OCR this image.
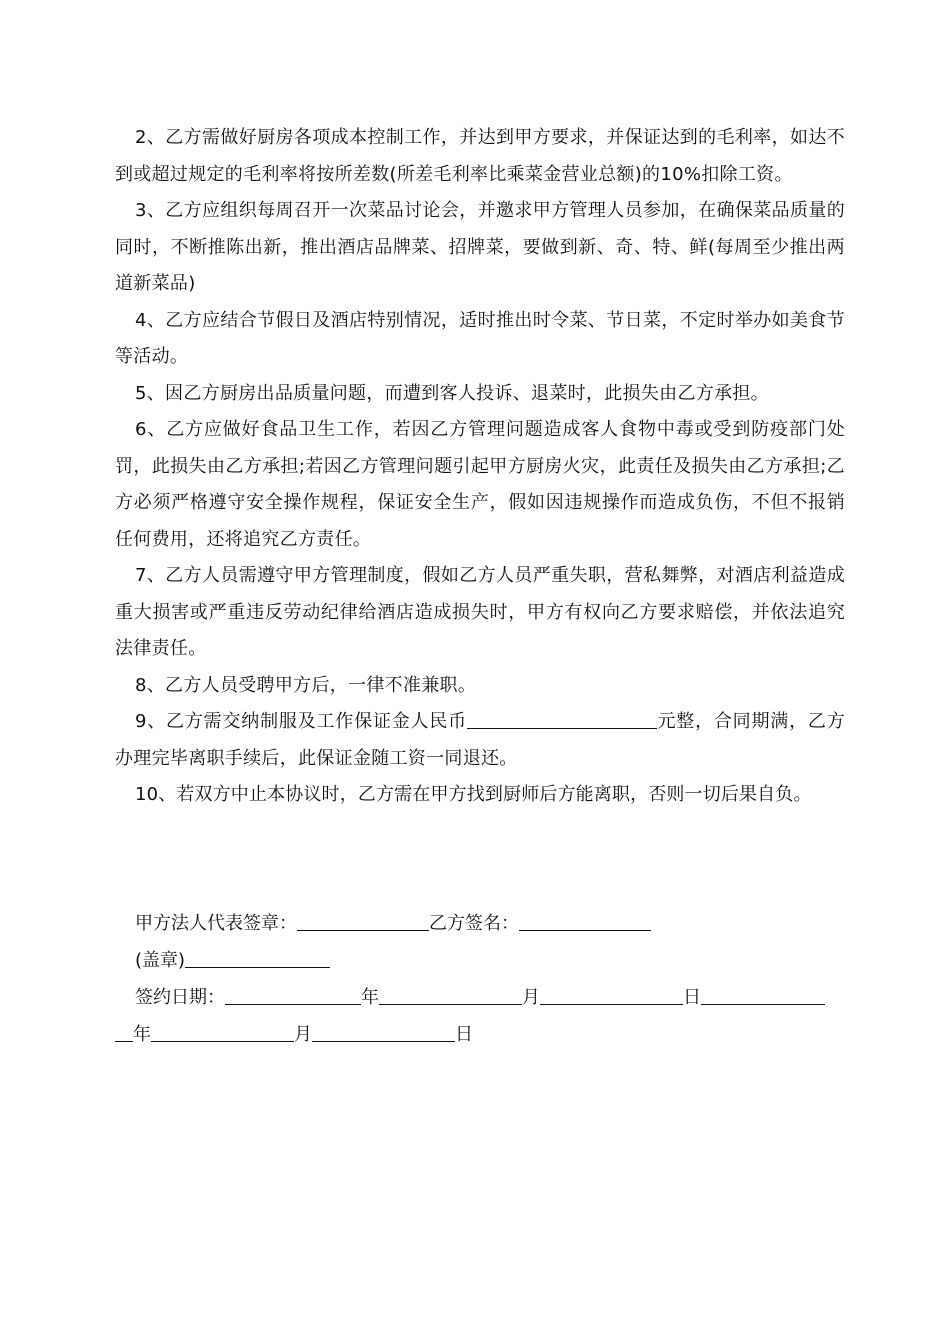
2、乙方需做好厨房各项成本控制工作，并达到甲方要求，并保证达到的毛利率，如达不到或超过规定的毛利率将按所差数(所差毛利率比乘菜金营业总额)的10%扣除工资。

3、乙方应组织每周召开一次菜品讨论会，并邀求甲方管理人员参加，在确保菜品质量的同时，不断推陈出新，推出酒店品牌菜、招牌菜，要做到新、奇、特、鲜(每周至少推出两道新菜品)

4、乙方应结合节假日及酒店特别情况，适时推出时令菜、节日菜，不定时举办如美食节等活动。

5、因乙方厨房出品质量问题，而遭到客人投诉、退菜时，此损失由乙方承担。

6、乙方应做好食品卫生工作，若因乙方管理问题造成客人食物中毒或受到防疫部门处罚，此损失由乙方承担;若因乙方管理问题引起甲方厨房火灾，此责任及损失由乙方承担;乙方必须严格遵守安全操作规程，保证安全生产，假如因违规操作而造成负伤，不但不报销任何费用，还将追究乙方责任。

7、乙方人员需遵守甲方管理制度，假如乙方人员严重失职，营私舞弊，对酒店利益造成重大损害或严重违反劳动纪律给酒店造成损失时，甲方有权向乙方要求赔偿，并依法追究法律责任。

8、乙方人员受聘甲方后，一律不准兼职。

9、乙方需交纳制服及工作保证金人民币	元整，合同期满，乙方办理完毕离职手续后，此保证金随工资一同退还。

10、若双方中止本协议时，乙方需在甲方找到厨师后方能离职，否则一切后果自负。

甲方法人代表签章：	乙方签名：

(盖章)

签约日期：	年	月	日

年	月	日
